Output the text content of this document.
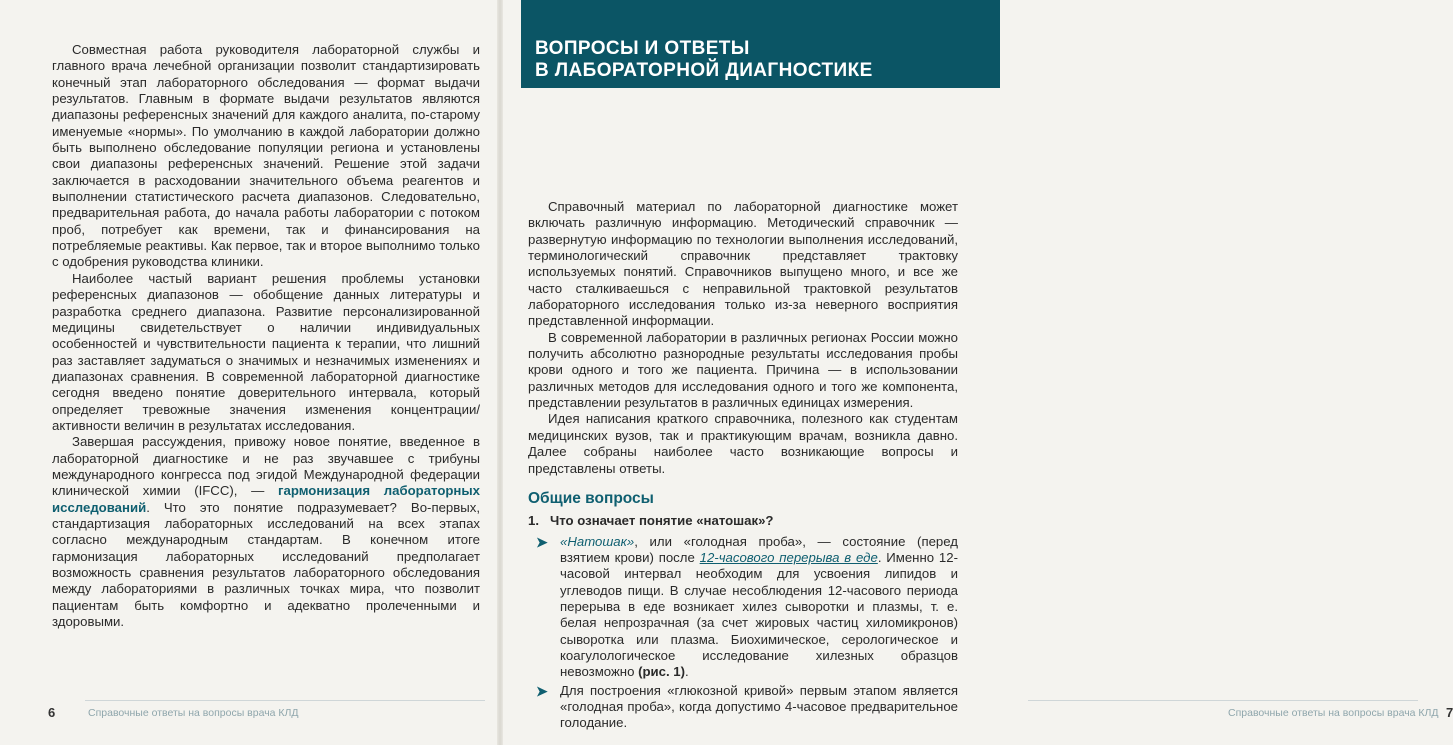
Совместная работа руководителя лабораторной службы и главного врача лечебной организации позволит стандартизировать конечный этап лабораторного обследования — формат выдачи результатов. Главным в формате выдачи результатов являются диапазоны референсных значений для каждого аналита, по-старому именуемые «нормы». По умолчанию в каждой лаборатории должно быть выполнено обследование популяции региона и установлены свои диапазоны референсных значений. Решение этой задачи заключается в расходовании значительного объема реагентов и выполнении статистического расчета диапазонов. Следовательно, предварительная работа, до начала работы лаборатории с потоком проб, потребует как времени, так и финансирования на потребляемые реактивы. Как первое, так и второе выполнимо только с одобрения руководства клиники.

Наиболее частый вариант решения проблемы установки референсных диапазонов — обобщение данных литературы и разработка среднего диапазона. Развитие персонализированной медицины свидетельствует о наличии индивидуальных особенностей и чувствительности пациента к терапии, что лишний раз заставляет задуматься о значимых и незначимых изменениях и диапазонах сравнения. В современной лабораторной диагностике сегодня введено понятие доверительного интервала, который определяет тревожные значения изменения концентрации/активности величин в результатах исследования.

Завершая рассуждения, привожу новое понятие, введенное в лабораторной диагностике и не раз звучавшее с трибуны международного конгресса под эгидой Международной федерации клинической химии (IFCC), — гармонизация лабораторных исследований. Что это понятие подразумевает? Во-первых, стандартизация лабораторных исследований на всех этапах согласно международным стандартам. В конечном итоге гармонизация лабораторных исследований предполагает возможность сравнения результатов лабораторного обследования между лабораториями в различных точках мира, что позволит пациентам быть комфортно и адекватно пролеченными и здоровыми.

6	Справочные ответы на вопросы врача КЛД
ВОПРОСЫ И ОТВЕТЫ
В ЛАБОРАТОРНОЙ ДИАГНОСТИКЕ
Справочные ответы на вопросы врача КЛД 7

Справочный материал по лабораторной диагностике может включать различную информацию. Методический справочник — развернутую информацию по технологии выполнения исследований, терминологический справочник представляет трактовку используемых понятий. Справочников выпущено много, и все же часто сталкиваешься с неправильной трактовкой результатов лабораторного исследования только из-за неверного восприятия представленной информации.

В современной лаборатории в различных регионах России можно получить абсолютно разнородные результаты исследования пробы крови одного и того же пациента. Причина — в использовании различных методов для исследования одного и того же компонента, представлении результатов в различных единицах измерения.

Идея написания краткого справочника, полезного как студентам медицинских вузов, так и практикующим врачам, возникла давно. Далее собраны наиболее часто возникающие вопросы и представлены ответы.

Общие вопросы
1. Что означает понятие «натошак»?
➤ «Натошак», или «голодная проба», — состояние (перед взятием крови) после 12-часового перерыва в еде. Именно 12-часовой интервал необходим для усвоения липидов и углеводов пищи. В случае несоблюдения 12-часового периода перерыва в еде возникает хилез сыворотки и плазмы, т. е. белая непрозрачная (за счет жировых частиц хиломикронов) сыворотка или плазма. Биохимическое, серологическое и коагулологическое исследование хилезных образцов невозможно (рис. 1).
➤ Для построения «глюкозной кривой» первым этапом является «голодная проба», когда допустимо 4-часовое предварительное голодание.
